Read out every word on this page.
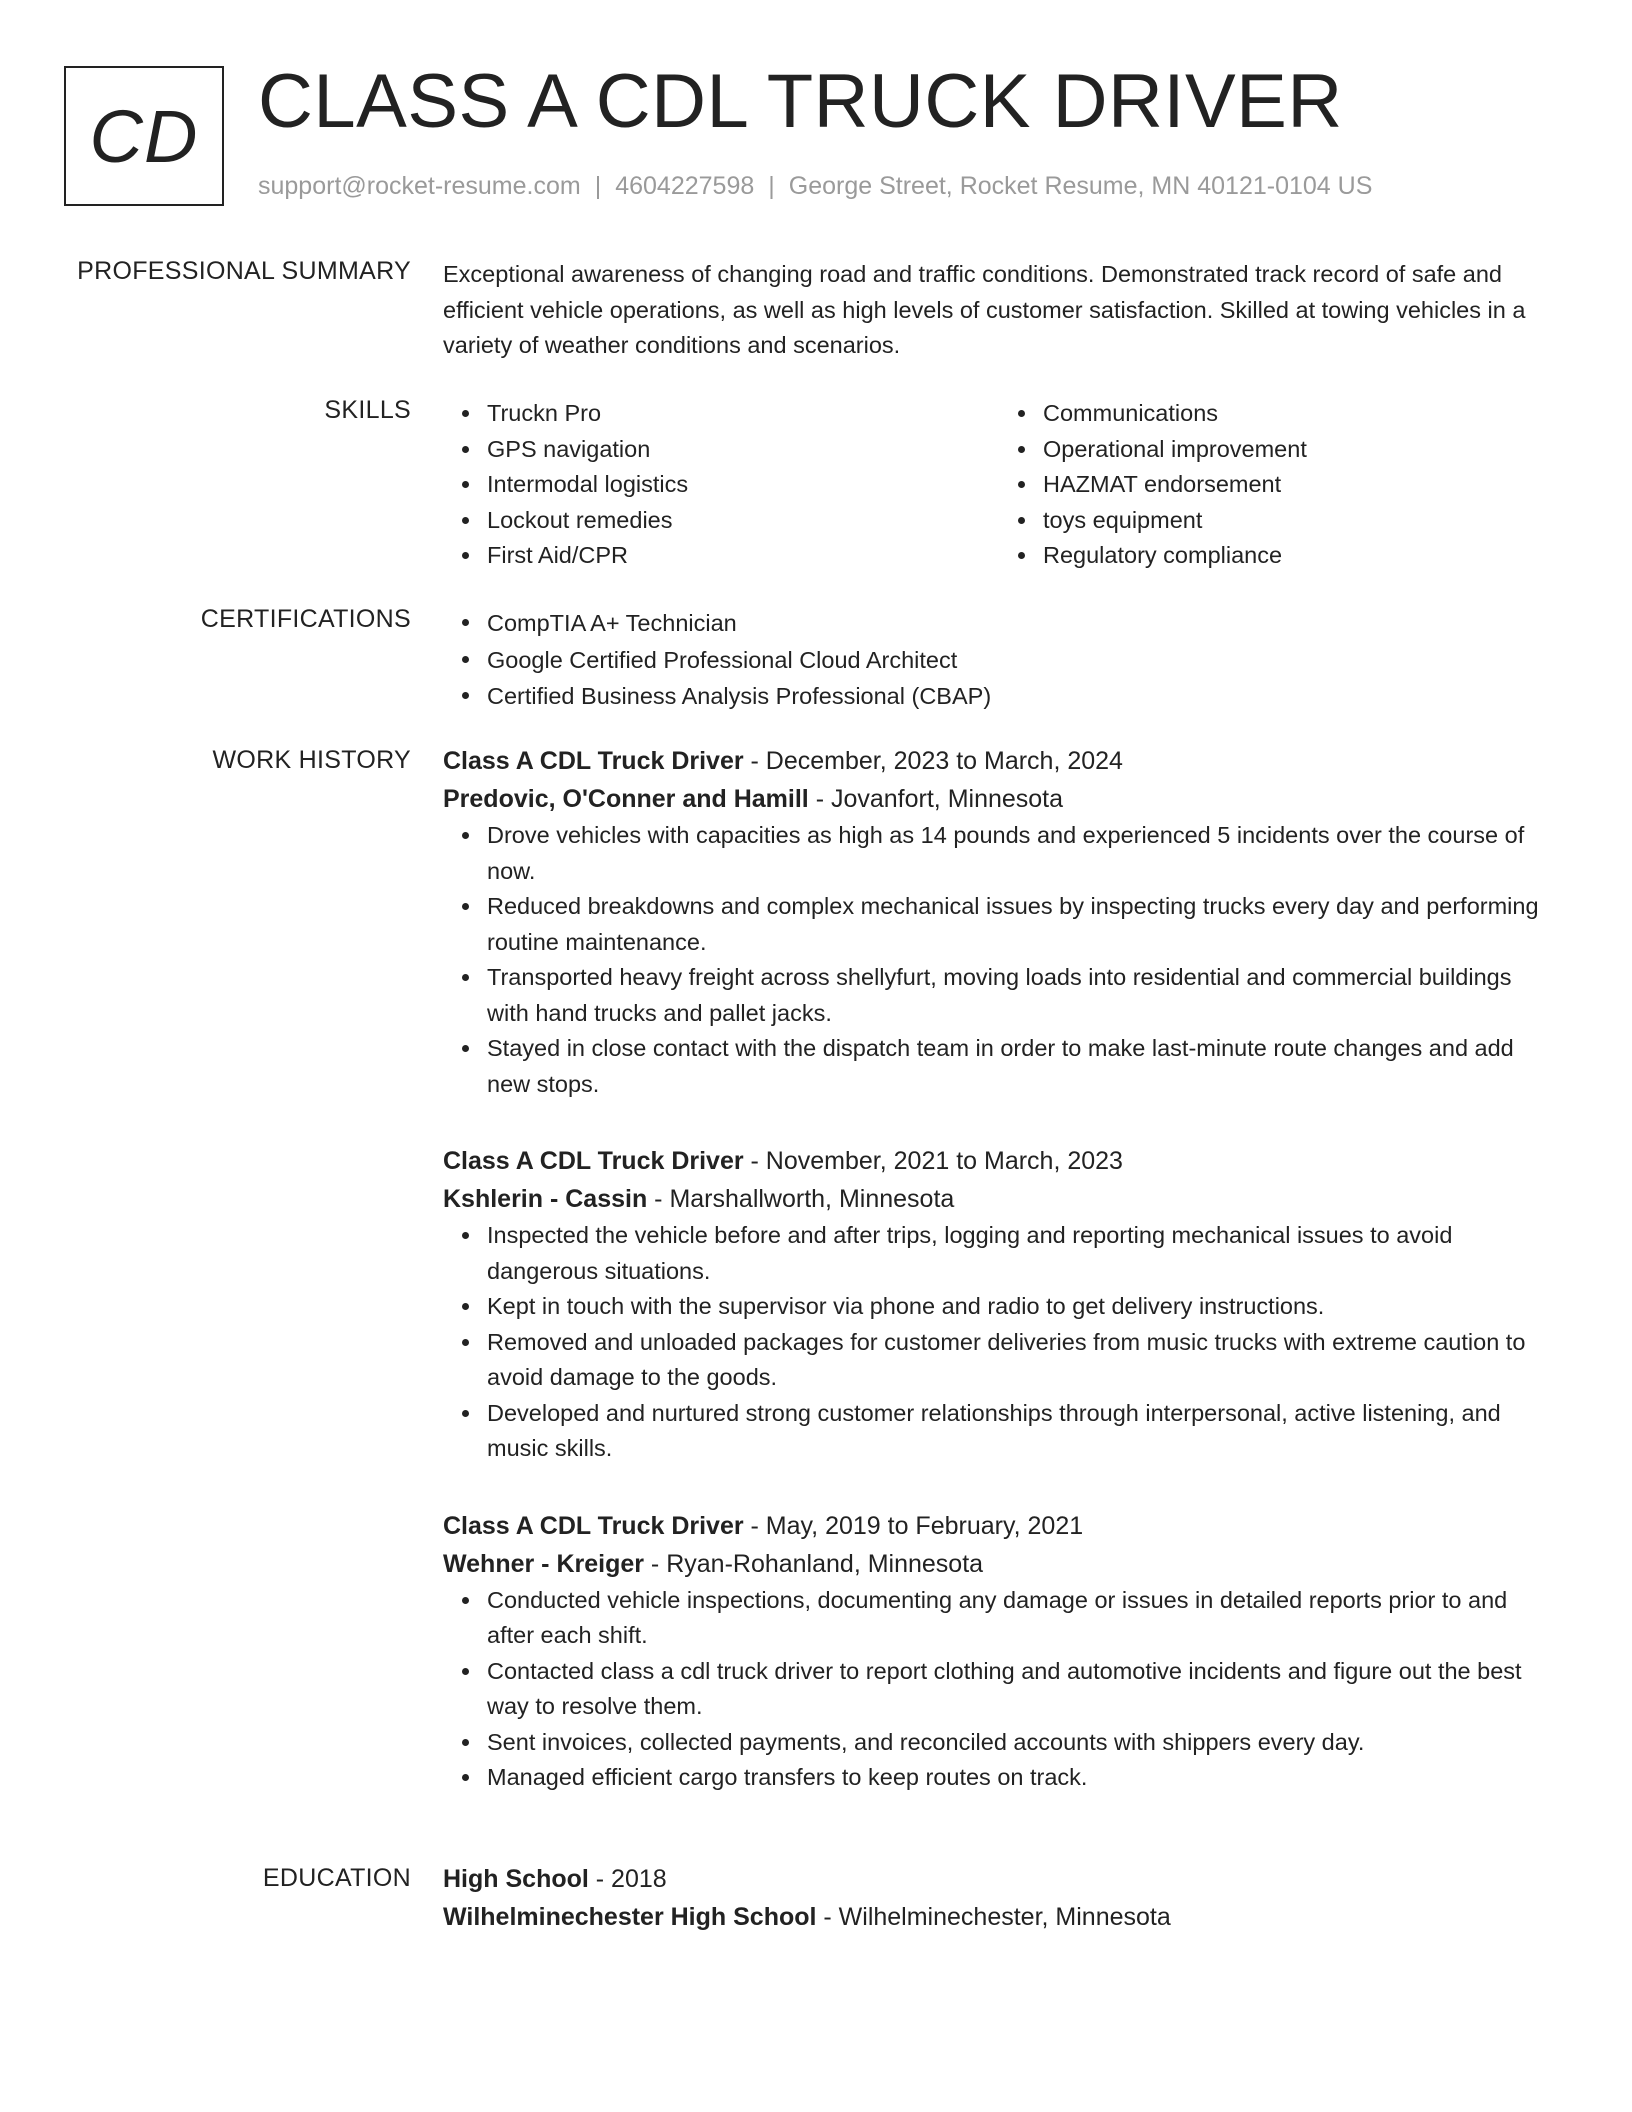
CD CLASS A CDL TRUCK DRIVER
support@rocket-resume.com | 4604227598 | George Street, Rocket Resume, MN 40121-0104 US
PROFESSIONAL SUMMARY Exceptional awareness of changing road and traffic conditions. Demonstrated track record of safe and efficient vehicle operations, as well as high levels of customer satisfaction. Skilled at towing vehicles in a variety of weather conditions and scenarios.

SKILLS	Truckn Pro
GPS navigation
Intermodal logistics
Lockout remedies
First Aid/CPR
Communications
Operational improvement
HAZMAT endorsement
toys equipment
Regulatory compliance
CERTIFICATIONS	CompTIA A+ Technician
Google Certified Professional Cloud Architect
Certified Business Analysis Professional (CBAP)
WORK HISTORY Class A CDL Truck Driver - December, 2023 to March, 2024
Predovic, O'Conner and Hamill - Jovanfort, Minnesota
Drove vehicles with capacities as high as 14 pounds and experienced 5 incidents over the course of now.
Reduced breakdowns and complex mechanical issues by inspecting trucks every day and performing routine maintenance.
Transported heavy freight across shellyfurt, moving loads into residential and commercial buildings with hand trucks and pallet jacks.
Stayed in close contact with the dispatch team in order to make last-minute route changes and add new stops.
Class A CDL Truck Driver - November, 2021 to March, 2023
Kshlerin - Cassin - Marshallworth, Minnesota
Inspected the vehicle before and after trips, logging and reporting mechanical issues to avoid dangerous situations.
Kept in touch with the supervisor via phone and radio to get delivery instructions.
Removed and unloaded packages for customer deliveries from music trucks with extreme caution to avoid damage to the goods.
Developed and nurtured strong customer relationships through interpersonal, active listening, and music skills.
Class A CDL Truck Driver - May, 2019 to February, 2021
Wehner - Kreiger - Ryan-Rohanland, Minnesota
Conducted vehicle inspections, documenting any damage or issues in detailed reports prior to and after each shift.
Contacted class a cdl truck driver to report clothing and automotive incidents and figure out the best way to resolve them.
Sent invoices, collected payments, and reconciled accounts with shippers every day.
Managed efficient cargo transfers to keep routes on track.
EDUCATION High School - 2018
Wilhelminechester High School - Wilhelminechester, Minnesota
